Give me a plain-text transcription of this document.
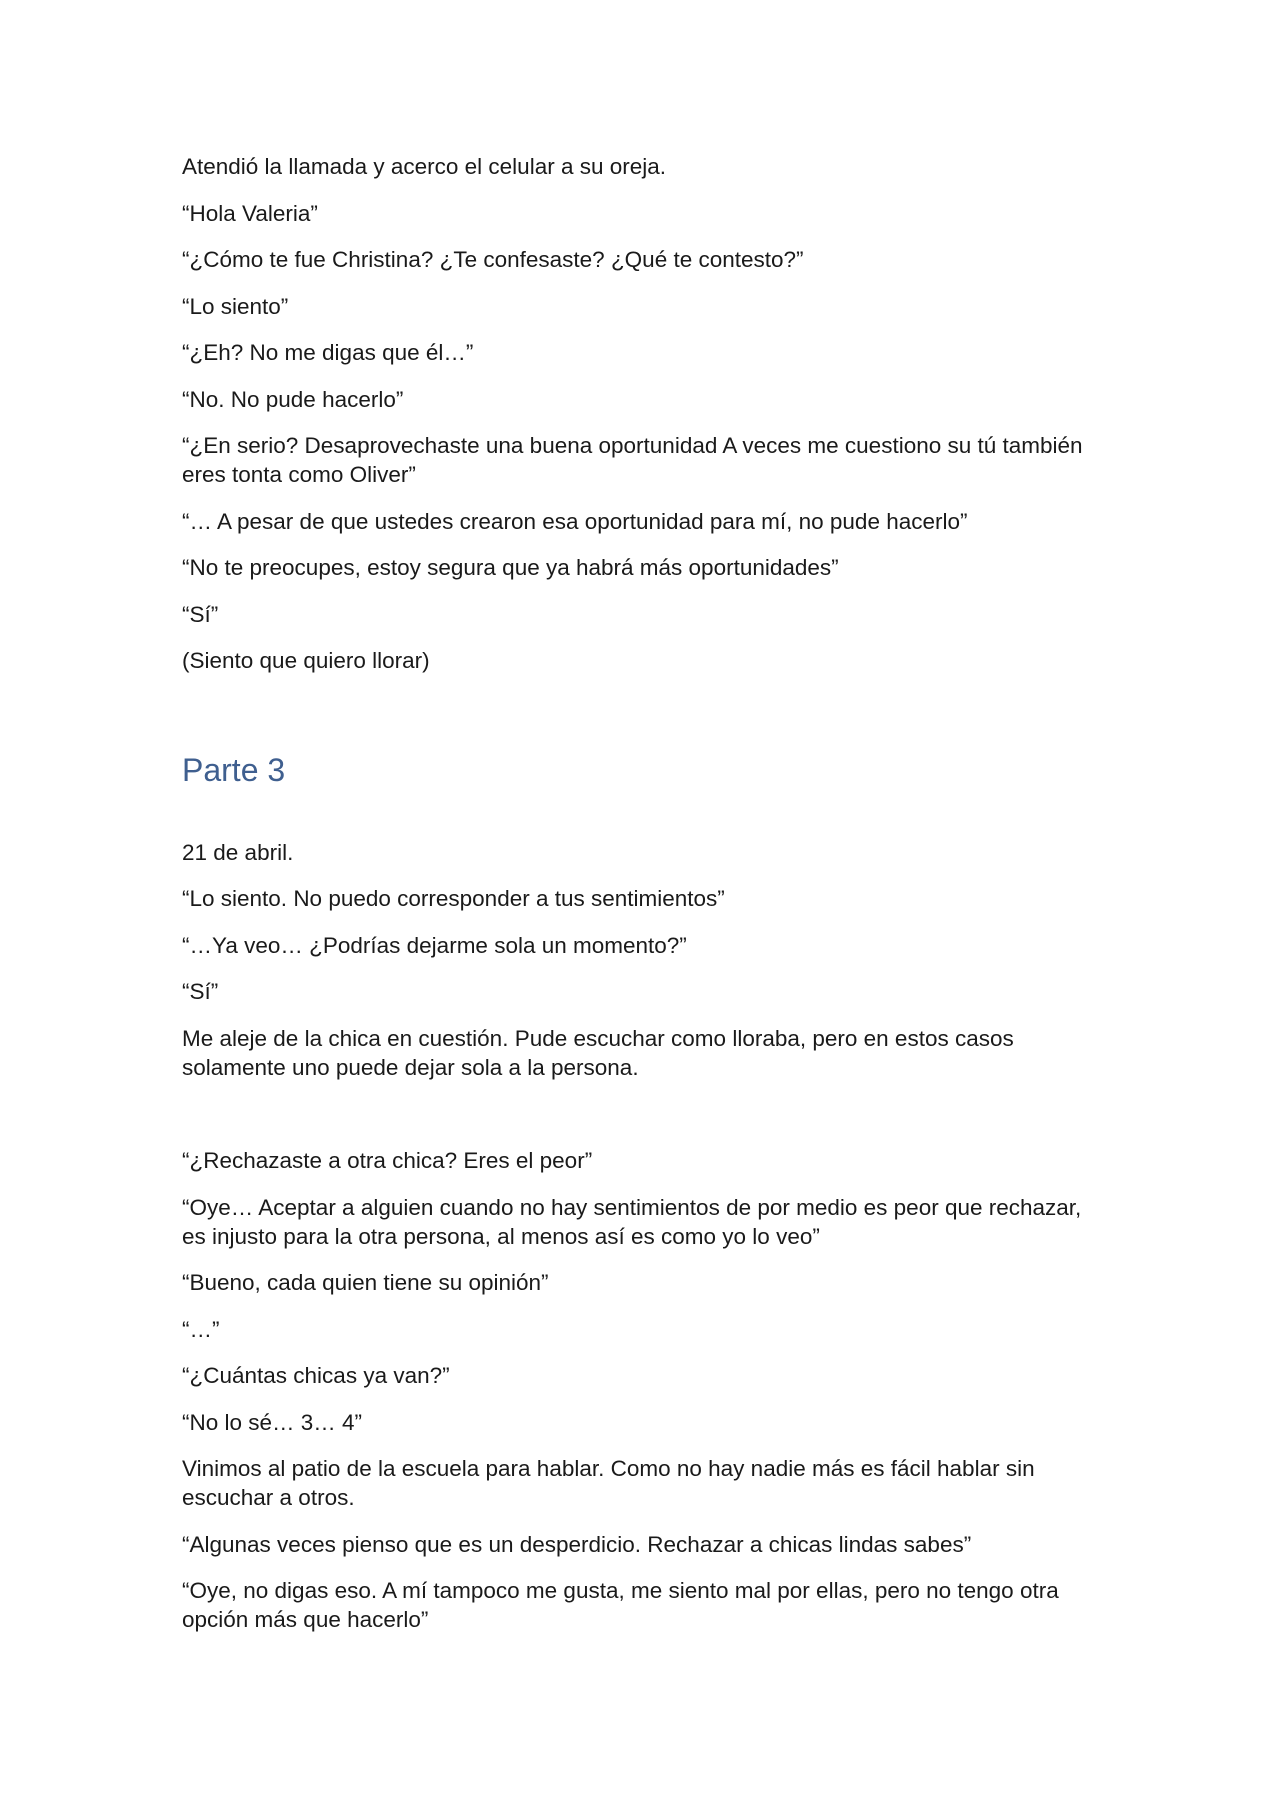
Atendió la llamada y acerco el celular a su oreja.

“Hola Valeria”

“¿Cómo te fue Christina? ¿Te confesaste? ¿Qué te contesto?”

“Lo siento”

“¿Eh? No me digas que él…”

“No. No pude hacerlo”

“¿En serio? Desaprovechaste una buena oportunidad A veces me cuestiono su tú también eres tonta como Oliver”

“… A pesar de que ustedes crearon esa oportunidad para mí, no pude hacerlo”

“No te preocupes, estoy segura que ya habrá más oportunidades”

“Sí”

(Siento que quiero llorar)

Parte 3

21 de abril.

“Lo siento. No puedo corresponder a tus sentimientos”

“…Ya veo… ¿Podrías dejarme sola un momento?”

“Sí”

Me aleje de la chica en cuestión. Pude escuchar como lloraba, pero en estos casos solamente uno puede dejar sola a la persona.

“¿Rechazaste a otra chica? Eres el peor”

“Oye… Aceptar a alguien cuando no hay sentimientos de por medio es peor que rechazar, es injusto para la otra persona, al menos así es como yo lo veo”

“Bueno, cada quien tiene su opinión”

“…”

“¿Cuántas chicas ya van?”

“No lo sé… 3… 4”

Vinimos al patio de la escuela para hablar. Como no hay nadie más es fácil hablar sin escuchar a otros.

“Algunas veces pienso que es un desperdicio. Rechazar a chicas lindas sabes”

“Oye, no digas eso. A mí tampoco me gusta, me siento mal por ellas, pero no tengo otra opción más que hacerlo”
